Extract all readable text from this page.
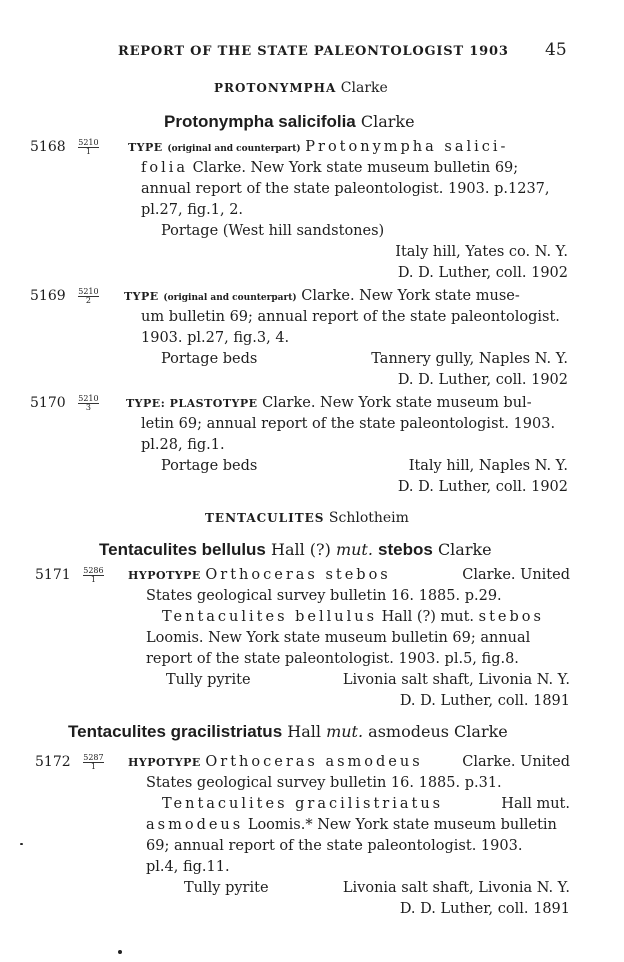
REPORT OF THE STATE PALEONTOLOGIST 1903 45
PROTONYMPHA Clarke
Protonympha salicifolia Clarke
$5168 \frac{5210}{1}$	TYPE (original and counterpart) Protonympha salici-
folia Clarke. New York state museum bulletin 69;
annual report of the state paleontologist. 1903. p.1237,
pl.27, fig.1, 2.
Portage (West hill sandstones)
Italy hill, Yates co. N. Y.
D. D. Luther, coll. 1902
$5169 \frac{5210}{2}$ TYPE (original and counterpart) Clarke. New York state muse-
um bulletin 69; annual report of the state paleontologist.
1903. pl.27, fig.3, 4.
Portage beds	Tannery gully, Naples N. Y.
D. D. Luther, coll. 1902
$5170 \frac{5210}{3}$ TYPE: PLASTOTYPE Clarke. New York state museum bul-
letin 69; annual report of the state paleontologist. 1903.
pl.28, fig.1.
Portage beds	Italy hill, Naples N. Y.
D. D. Luther, coll. 1902
TENTACULITES Schlotheim
Tentaculites bellulus Hall (?) mut. stebos Clarke
$5171 \frac{5286}{1}$ HYPOTYPE Orthoceras stebos	Clarke. United
States geological survey bulletin 16. 1885. p.29.
Tentaculites bellulus Hall (?) mut. stebos
Loomis. New York state museum bulletin 69; annual
report of the state paleontologist. 1903. pl.5, fig.8.
Tully pyrite	Livonia salt shaft, Livonia N. Y.
D. D. Luther, coll. 1891
Tentaculites gracilistriatus Hall mut. asmodeus Clarke
$5172 \frac{5287}{1}$ HYPOTYPE Orthoceras asmodeus	Clarke. United
States geological survey bulletin 16. 1885. p.31.
Tentaculites gracilistriatus	Hall mut.
asmodeus Loomis.* New York state museum bulletin
69; annual report of the state paleontologist. 1903.
pl.4, fig.11.
Tully pyrite	Livonia salt shaft, Livonia N. Y.
D. D. Luther, coll. 1891
